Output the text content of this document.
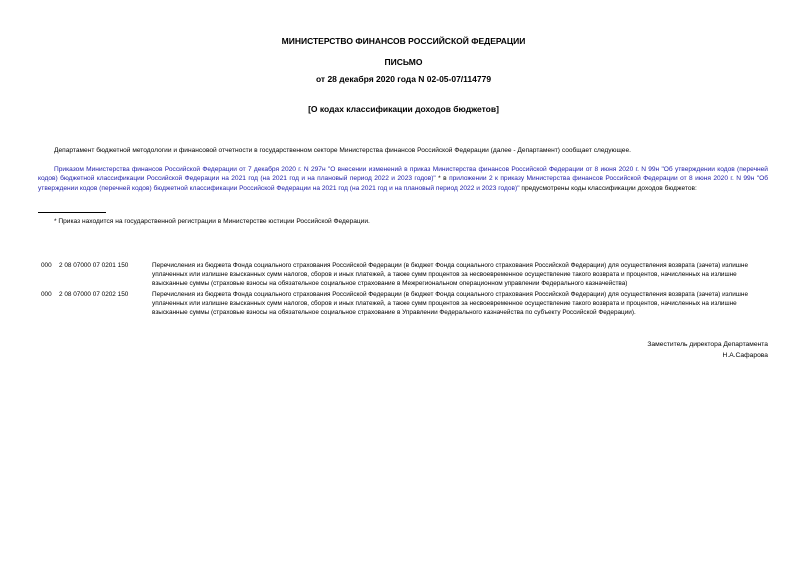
МИНИСТЕРСТВО ФИНАНСОВ РОССИЙСКОЙ ФЕДЕРАЦИИ
ПИСЬМО
от 28 декабря 2020 года N 02-05-07/114779
[О кодах классификации доходов бюджетов]
Департамент бюджетной методологии и финансовой отчетности в государственном секторе Министерства финансов Российской Федерации (далее - Департамент) сообщает следующее.
Приказом Министерства финансов Российской Федерации от 7 декабря 2020 г. N 297н "О внесении изменений в приказ Министерства финансов Российской Федерации от 8 июня 2020 г. N 99н "Об утверждении кодов (перечней кодов) бюджетной классификации Российской Федерации на 2021 год (на 2021 год и на плановый период 2022 и 2023 годов)" * в приложении 2 к приказу Министерства финансов Российской Федерации от 8 июня 2020 г. N 99н "Об утверждении кодов (перечней кодов) бюджетной классификации Российской Федерации на 2021 год (на 2021 год и на плановый период 2022 и 2023 годов)" предусмотрены коды классификации доходов бюджетов:
* Приказ находится на государственной регистрации в Министерстве юстиции Российской Федерации.
000	2 08 07000 07 0201 150	Перечисления из бюджета Фонда социального страхования Российской Федерации (в бюджет Фонда социального страхования Российской Федерации) для осуществления возврата (зачета) излишне уплаченных или излишне взысканных сумм налогов, сборов и иных платежей, а также сумм процентов за несвоевременное осуществление такого возврата и процентов, начисленных на излишне взысканные суммы (страховые взносы на обязательное социальное страхование в Межрегиональном операционном управлении Федерального казначейства)
000	2 08 07000 07 0202 150	Перечисления из бюджета Фонда социального страхования Российской Федерации (в бюджет Фонда социального страхования Российской Федерации) для осуществления возврата (зачета) излишне уплаченных или излишне взысканных сумм налогов, сборов и иных платежей, а также сумм процентов за несвоевременное осуществление такого возврата и процентов, начисленных на излишне взысканные суммы (страховые взносы на обязательное социальное страхование в Управлении Федерального казначейства по субъекту Российской Федерации).
Заместитель директора Департамента
Н.А.Сафарова
